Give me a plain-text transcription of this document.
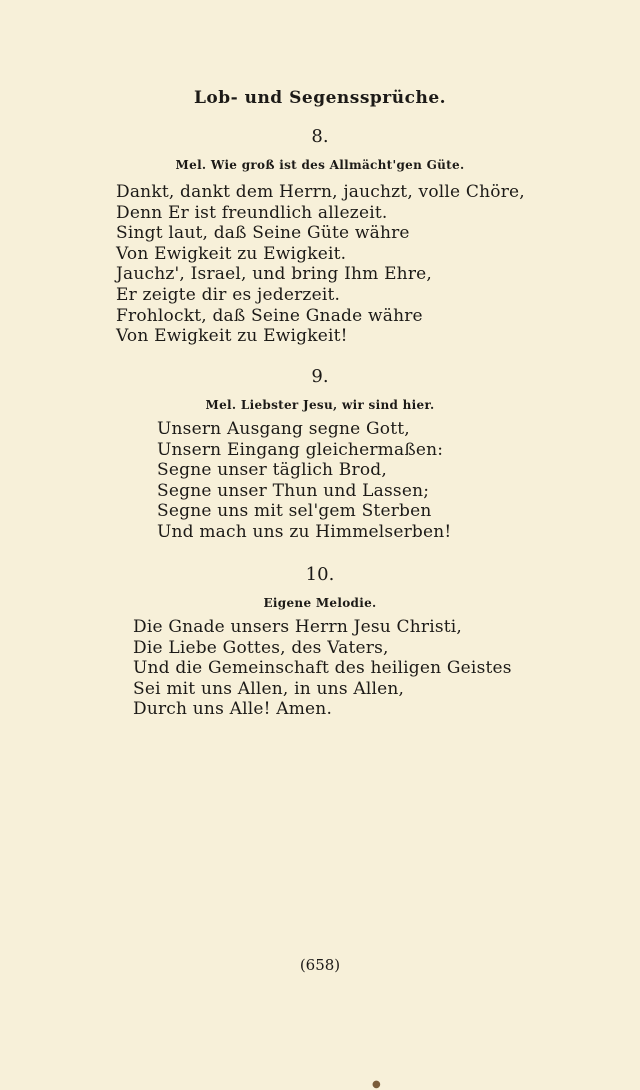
Lob- und Segenssprüche.
8.
Mel. Wie groß ist des Allmächt'gen Güte.
Dankt, dankt dem Herrn, jauchzt, volle Chöre,
Denn Er ist freundlich allezeit.
Singt laut, daß Seine Güte währe
Von Ewigkeit zu Ewigkeit.
Jauchz', Israel, und bring Ihm Ehre,
Er zeigte dir es jederzeit.
Frohlockt, daß Seine Gnade währe
Von Ewigkeit zu Ewigkeit!
9.
Mel. Liebster Jesu, wir sind hier.
Unsern Ausgang segne Gott,
Unsern Eingang gleichermaßen:
Segne unser täglich Brod,
Segne unser Thun und Lassen;
Segne uns mit sel'gem Sterben
Und mach uns zu Himmelserben!
10.
Eigene Melodie.
Die Gnade unsers Herrn Jesu Christi,
Die Liebe Gottes, des Vaters,
Und die Gemeinschaft des heiligen Geistes
Sei mit uns Allen, in uns Allen,
Durch uns Alle! Amen.
(658)
●
